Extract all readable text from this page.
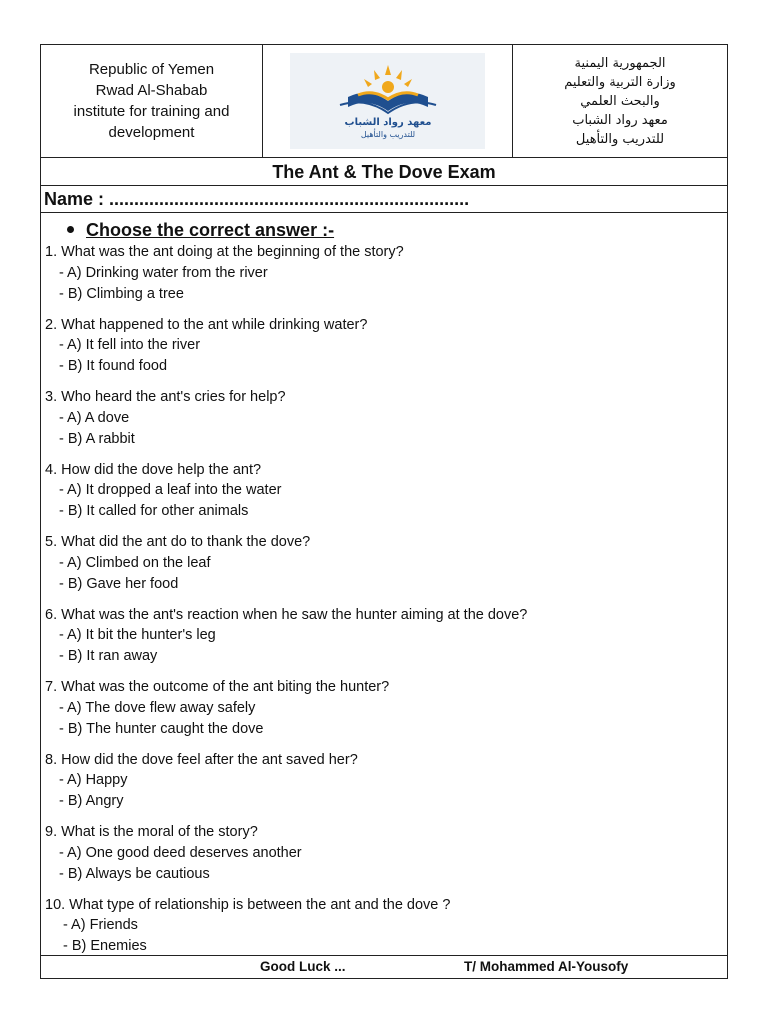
Republic of Yemen
Rwad Al-Shabab
institute for training and
development
معهد رواد الشباب
للتدريب والتأهيل
الجمهورية اليمنية
وزارة التربية والتعليم
والبحث العلمي
معهد رواد الشباب
للتدريب والتأهيل
The Ant & The Dove Exam
Name : ........................................................................
Choose the correct answer :-
1. What was the ant doing at the beginning of the story?
- A) Drinking water from the river
- B) Climbing a tree
2. What happened to the ant while drinking water?
- A) It fell into the river
- B) It found food
3. Who heard the ant's cries for help?
- A) A dove
- B) A rabbit
4. How did the dove help the ant?
- A) It dropped a leaf into the water
- B) It called for other animals
5. What did the ant do to thank the dove?
- A) Climbed on the leaf
- B) Gave her food
6. What was the ant's reaction when he saw the hunter aiming at the dove?
- A) It bit the hunter's leg
- B) It ran away
7. What was the outcome of the ant biting the hunter?
- A) The dove flew away safely
- B) The hunter caught the dove
8. How did the dove feel after the ant saved her?
- A) Happy
- B) Angry
9. What is the moral of the story?
- A) One good deed deserves another
- B) Always be cautious
10. What type of relationship is between the ant and the dove ?
- A) Friends
- B) Enemies
Good Luck ...	T/ Mohammed Al-Yousofy
